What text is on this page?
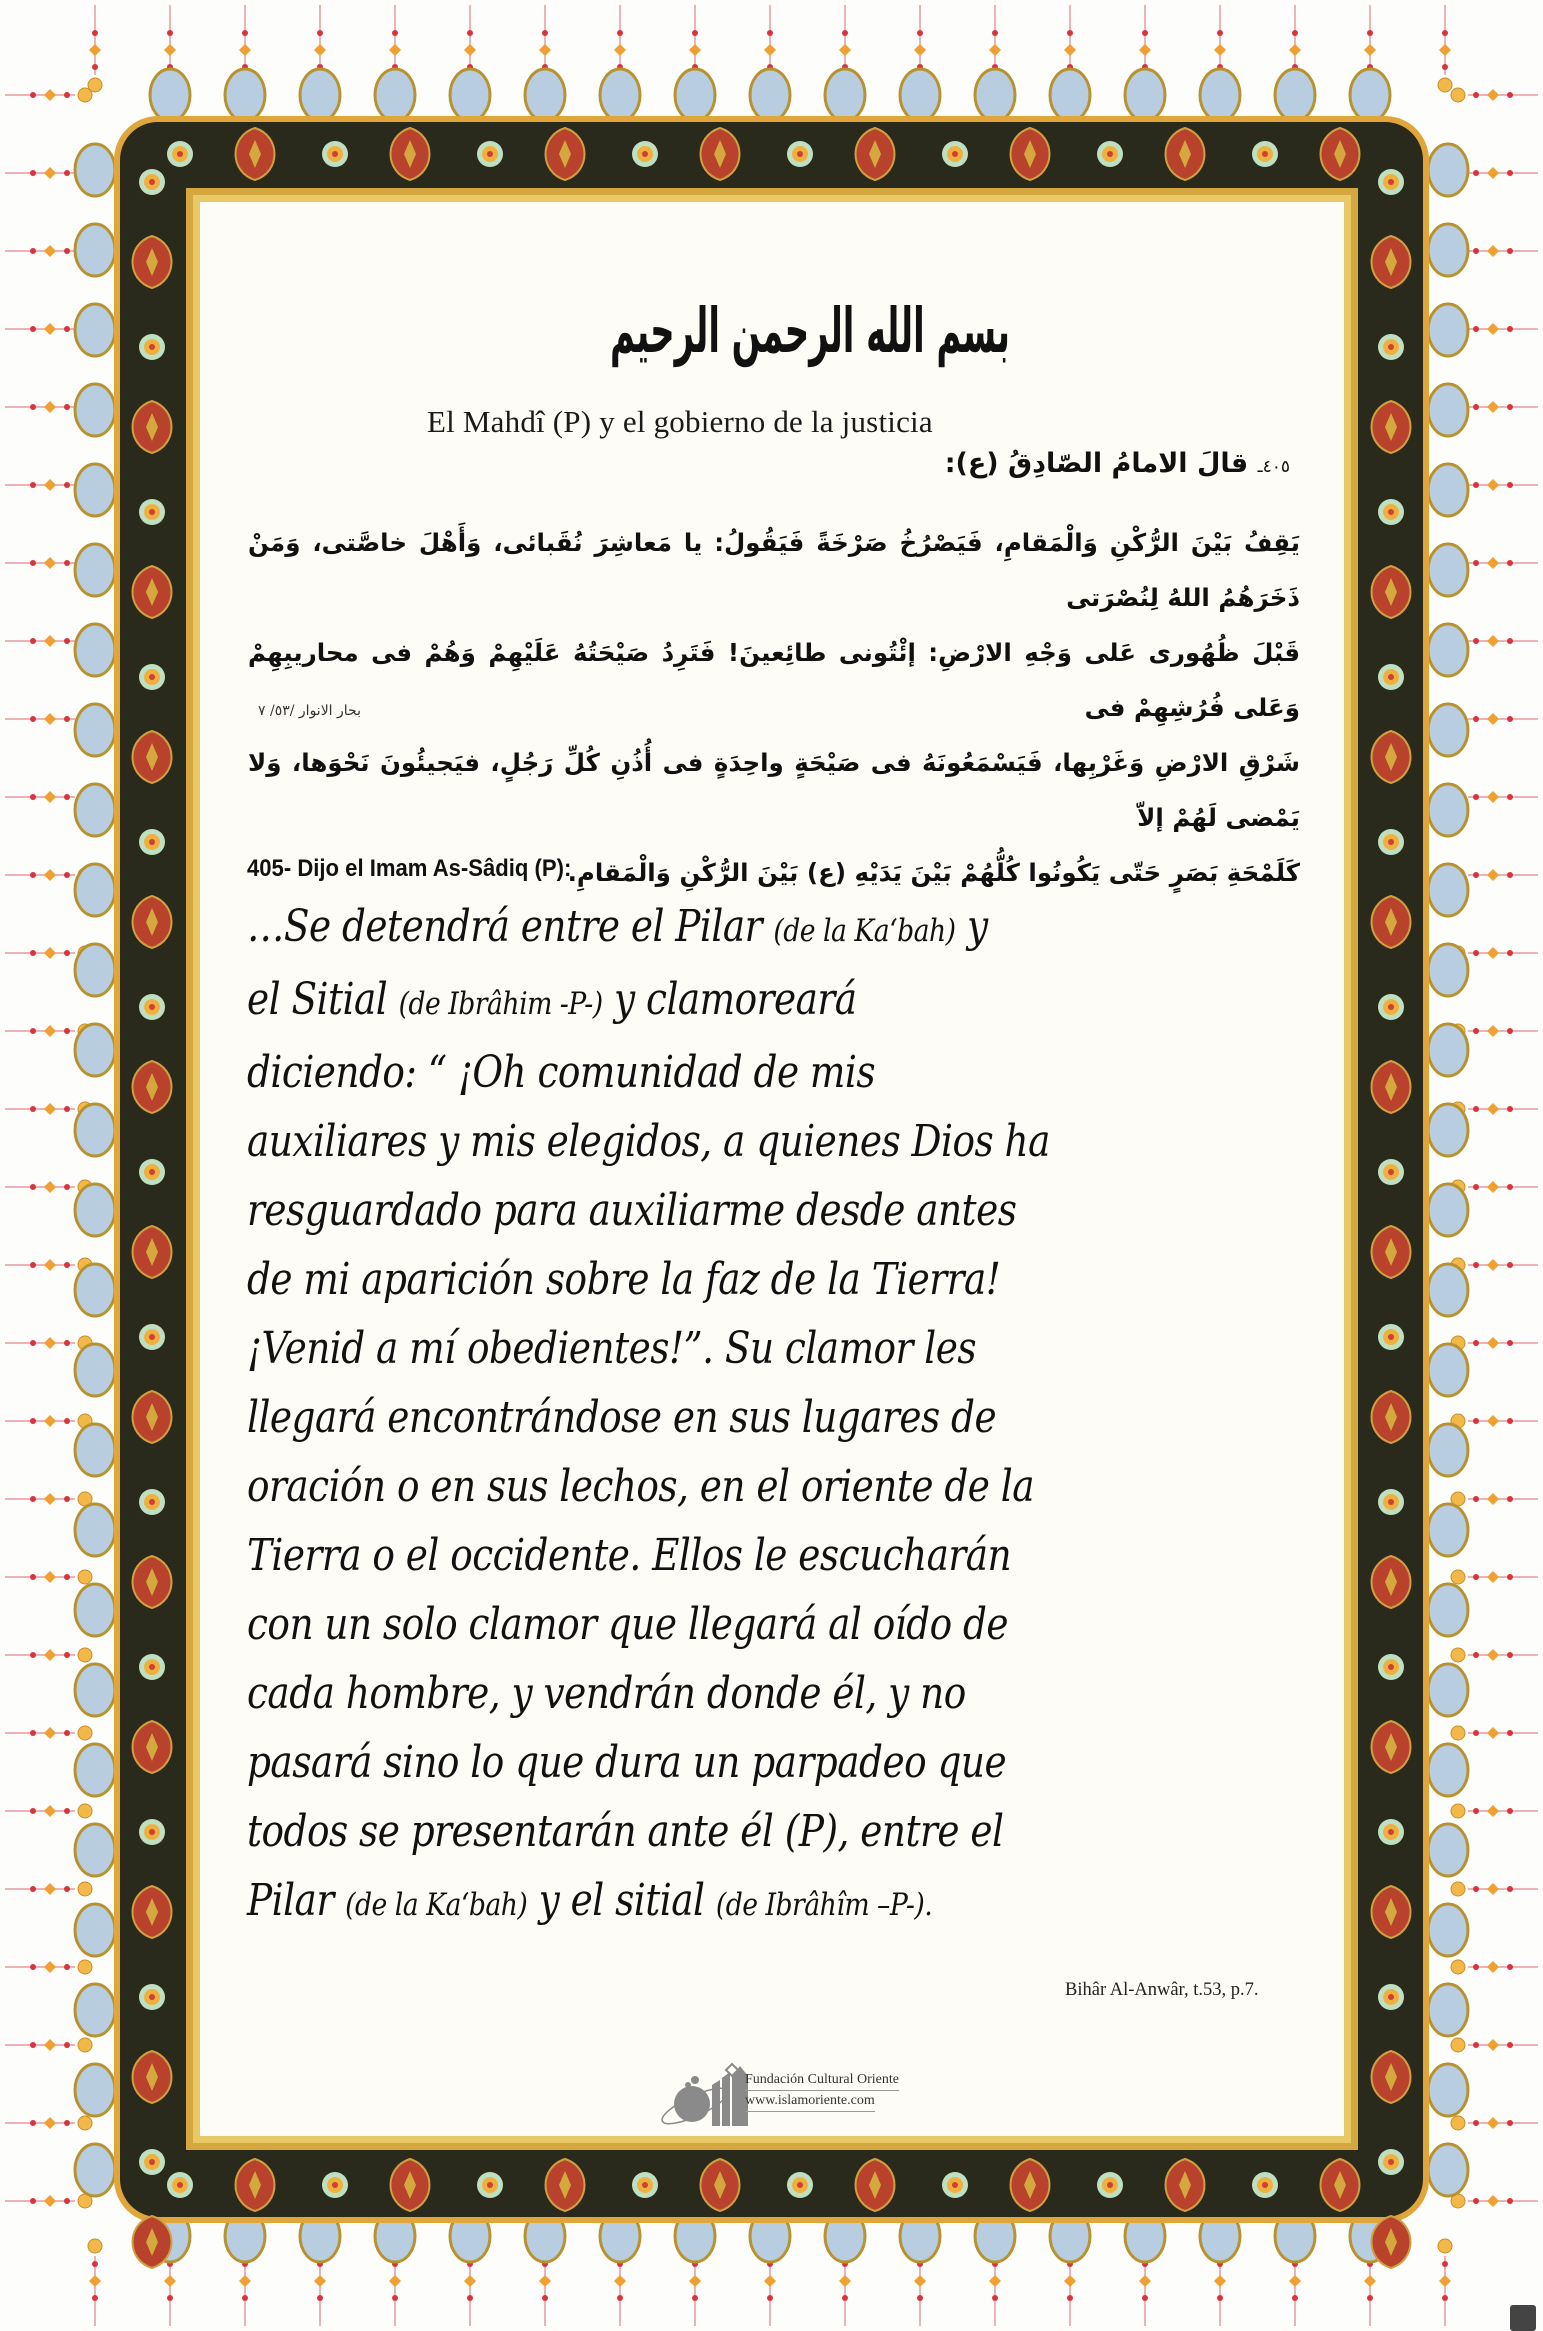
بسم الله الرحمن الرحيم
El Mahdî (P) y el gobierno de la justicia
٤٠٥ـ قالَ الامامُ الصّادِقُ (ع):
يَقِفُ بَيْنَ الرُّكْنِ وَالْمَقامِ، فَيَصْرُخُ صَرْخَةً فَيَقُولُ: يا مَعاشِرَ نُقَبائى، وَأَهْلَ خاصَّتى، وَمَنْ ذَخَرَهُمُ اللهُ لِنُصْرَتى
قَبْلَ ظُهُورى عَلى وَجْهِ الارْضِ: إئْتُونى طائِعينَ! فَتَرِدُ صَيْحَتُهُ عَلَيْهِمْ وَهُمْ فى محاريبِهِمْ وَعَلى فُرُشِهِمْ فى
شَرْقِ الارْضِ وَغَرْبِها، فَيَسْمَعُونَهُ فى صَيْحَةٍ واحِدَةٍ فى أُذُنِ كُلِّ رَجُلٍ، فيَجيئُونَ نَحْوَها، وَلا يَمْضى لَهُمْ إلاّ
كَلَمْحَةِ بَصَرٍ حَتّى يَكُونُوا كُلُّهُمْ بَيْنَ يَدَيْهِ (ع) بَيْنَ الرُّكْنِ وَالْمَقامِ.
بحار الانوار /٥٣/ ٧
405- Dijo el Imam As-Sâdiq (P):
…Se detendrá entre el Pilar (de la Ka‘bah) y
el Sitial (de Ibrâhim -P-) y clamoreará
diciendo: “ ¡Oh comunidad de mis
auxiliares y mis elegidos, a quienes Dios ha
resguardado para auxiliarme desde antes
de mi aparición sobre la faz de la Tierra!
¡Venid a mí obedientes!”. Su clamor les
llegará encontrándose en sus lugares de
oración o en sus lechos, en el oriente de la
Tierra o el occidente. Ellos le escucharán
con un solo clamor que llegará al oído de
cada hombre, y vendrán donde él, y no
pasará sino lo que dura un parpadeo que
todos se presentarán ante él (P), entre el
Pilar (de la Ka‘bah) y el sitial (de Ibrâhîm –P-).
Bihâr Al-Anwâr, t.53, p.7.
Fundación Cultural Oriente
www.islamoriente.com
